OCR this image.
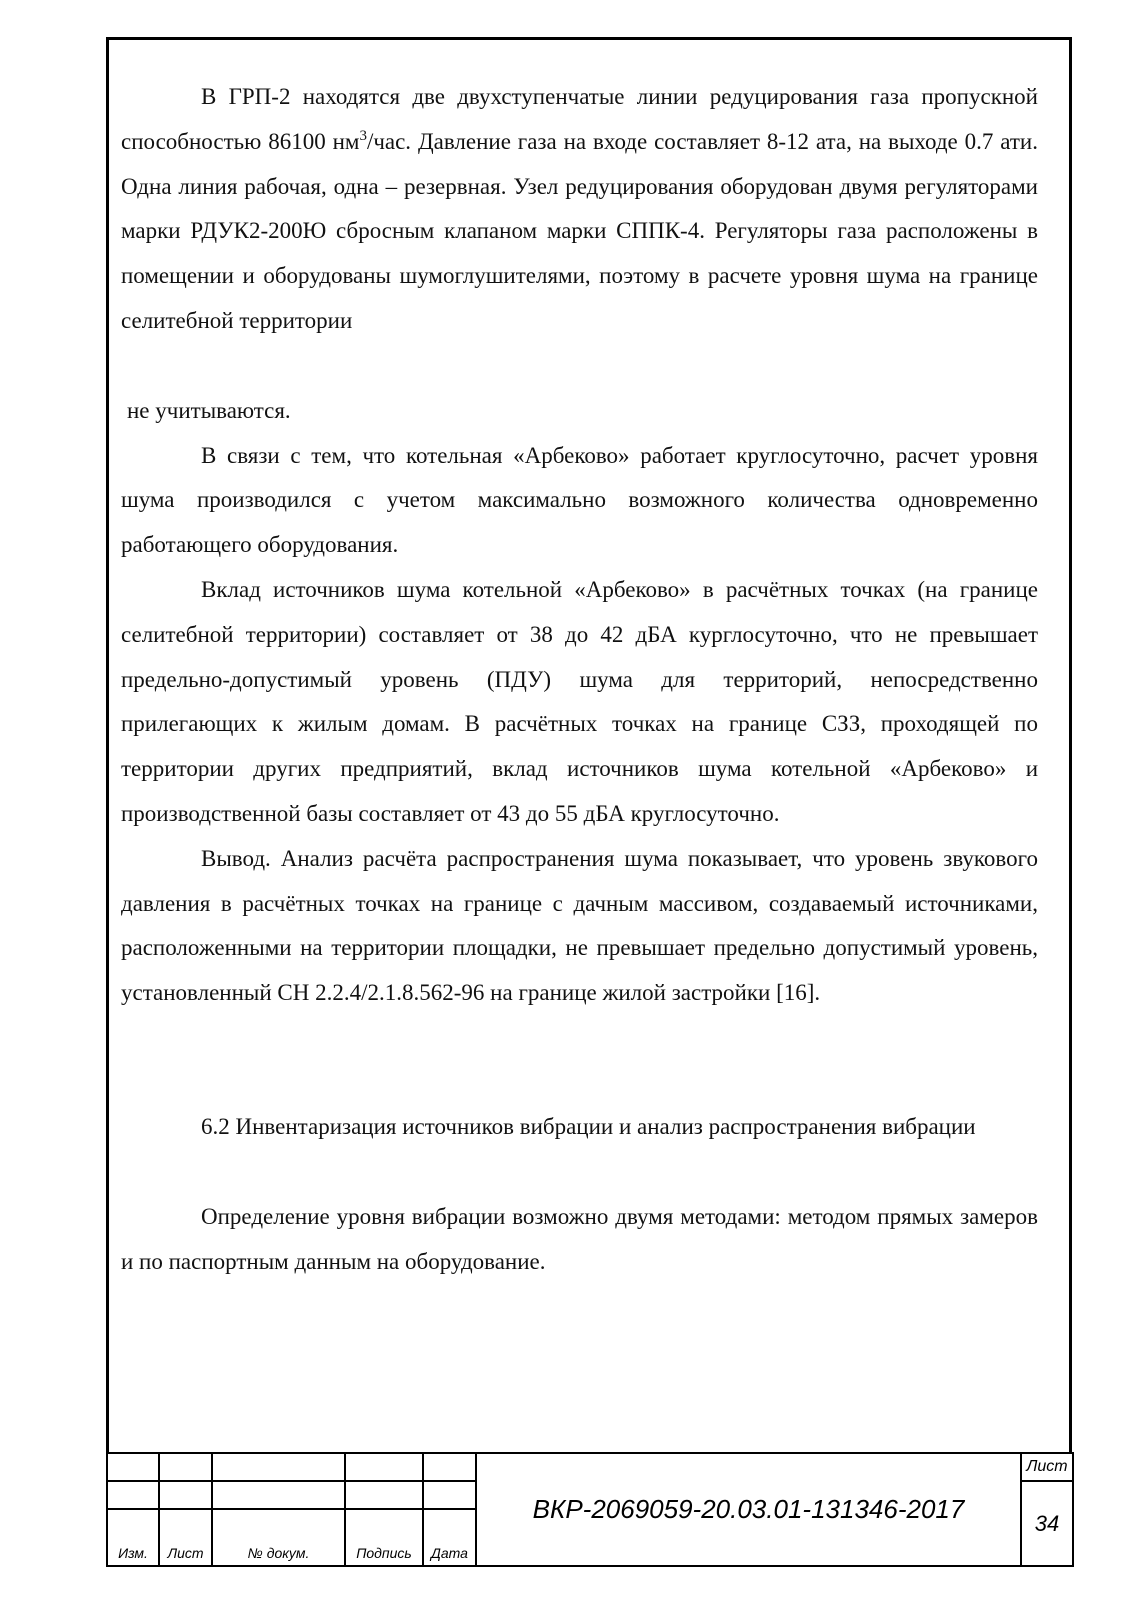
В ГРП-2 находятся две двухступенчатые линии редуцирования газа пропускной способностью 86100 $нм^3$/час. Давление газа на входе составляет 8-12 ата, на выходе 0.7 ати. Одна линия рабочая, одна – резервная. Узел редуцирования оборудован двумя регуляторами марки РДУК2-200Ю сбросным клапаном марки СППК-4. Регуляторы газа расположены в помещении и оборудованы шумоглушителями, поэтому в расчете уровня шума на границе селитебной территории

не учитываются.

В связи с тем, что котельная «Арбеково» работает круглосуточно, расчет уровня шума производился с учетом максимально возможного количества одновременно работающего оборудования.

Вклад источников шума котельной «Арбеково» в расчётных точках (на границе селитебной территории) составляет от 38 до 42 дБА курглосуточно, что не превышает предельно-допустимый уровень (ПДУ) шума для территорий, непосредственно прилегающих к жилым домам. В расчётных точках на границе СЗЗ, проходящей по территории других предприятий, вклад источников шума котельной «Арбеково» и производственной базы составляет от 43 до 55 дБА круглосуточно.

Вывод. Анализ расчёта распространения шума показывает, что уровень звукового давления в расчётных точках на границе с дачным массивом, создаваемый источниками, расположенными на территории площадки, не превышает предельно допустимый уровень, установленный СН 2.2.4/2.1.8.562-96 на границе жилой застройки [16].

6.2 Инвентаризация источников вибрации и анализ распространения вибрации

Определение уровня вибрации возможно двумя методами: методом прямых замеров и по паспортным данным на оборудование.

					ВКР-2069059-20.03.01-131346-2017	Лист
						34
Изм.	Лист	№ докум.	Подпись	Дата		
